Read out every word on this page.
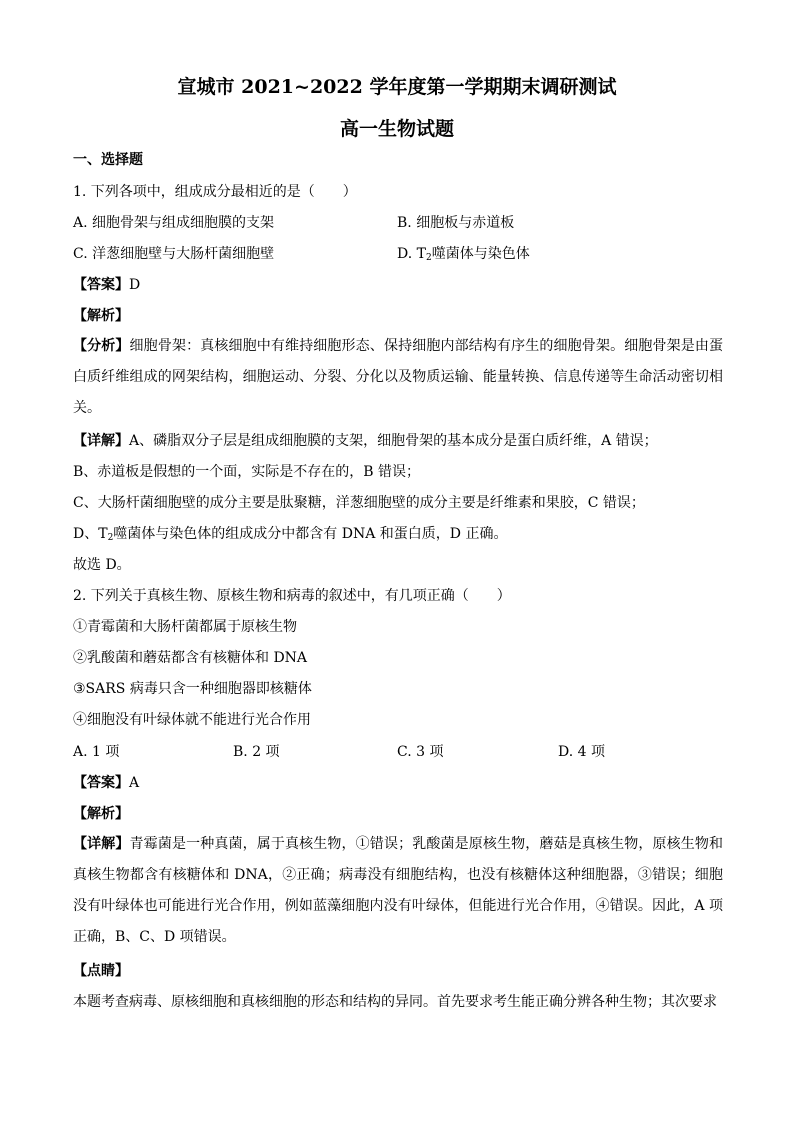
宣城市 2021~2022 学年度第一学期期末调研测试
高一生物试题
一、选择题
1. 下列各项中，组成成分最相近的是（　　）
A. 细胞骨架与组成细胞膜的支架	B. 细胞板与赤道板
C. 洋葱细胞壁与大肠杆菌细胞壁	D. $T_2$噬菌体与染色体
【答案】D
【解析】
【分析】细胞骨架：真核细胞中有维持细胞形态、保持细胞内部结构有序生的细胞骨架。细胞骨架是由蛋白质纤维组成的网架结构，细胞运动、分裂、分化以及物质运输、能量转换、信息传递等生命活动密切相关。
【详解】A、磷脂双分子层是组成细胞膜的支架，细胞骨架的基本成分是蛋白质纤维，A 错误；
B、赤道板是假想的一个面，实际是不存在的，B 错误；
C、大肠杆菌细胞壁的成分主要是肽聚糖，洋葱细胞壁的成分主要是纤维素和果胶，C 错误；
D、$T_2$噬菌体与染色体的组成成分中都含有 DNA 和蛋白质，D 正确。
故选 D。
2. 下列关于真核生物、原核生物和病毒的叙述中，有几项正确（　　）
①青霉菌和大肠杆菌都属于原核生物
②乳酸菌和蘑菇都含有核糖体和 DNA
③SARS 病毒只含一种细胞器即核糖体
④细胞没有叶绿体就不能进行光合作用
A. 1 项	B. 2 项	C. 3 项	D. 4 项
【答案】A
【解析】
【详解】青霉菌是一种真菌，属于真核生物，①错误；乳酸菌是原核生物，蘑菇是真核生物，原核生物和真核生物都含有核糖体和 DNA，②正确；病毒没有细胞结构，也没有核糖体这种细胞器，③错误；细胞没有叶绿体也可能进行光合作用，例如蓝藻细胞内没有叶绿体，但能进行光合作用，④错误。因此，A 项正确，B、C、D 项错误。
【点睛】
本题考查病毒、原核细胞和真核细胞的形态和结构的异同。首先要求考生能正确分辨各种生物；其次要求
